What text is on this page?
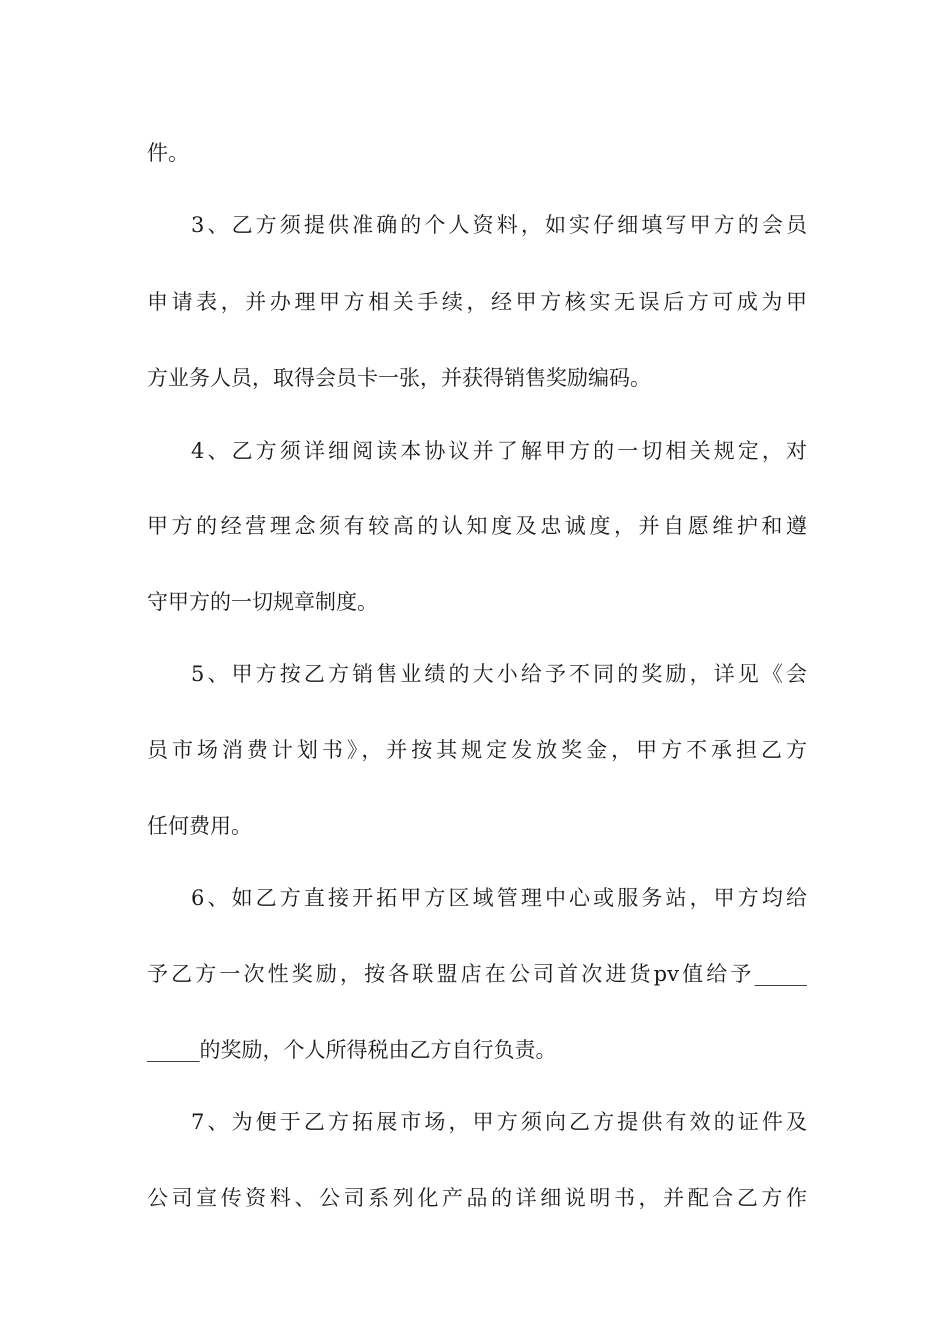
件。
3、乙方须提供准确的个人资料，如实仔细填写甲方的会员
申请表，并办理甲方相关手续，经甲方核实无误后方可成为甲
方业务人员，取得会员卡一张，并获得销售奖励编码。
4、乙方须详细阅读本协议并了解甲方的一切相关规定，对
甲方的经营理念须有较高的认知度及忠诚度，并自愿维护和遵
守甲方的一切规章制度。
5、甲方按乙方销售业绩的大小给予不同的奖励，详见《会
员市场消费计划书》，并按其规定发放奖金，甲方不承担乙方
任何费用。
6、如乙方直接开拓甲方区域管理中心或服务站，甲方均给
予乙方一次性奖励，按各联盟店在公司首次进货pv值给予_____
_____的奖励，个人所得税由乙方自行负责。
7、为便于乙方拓展市场，甲方须向乙方提供有效的证件及
公司宣传资料、公司系列化产品的详细说明书，并配合乙方作
